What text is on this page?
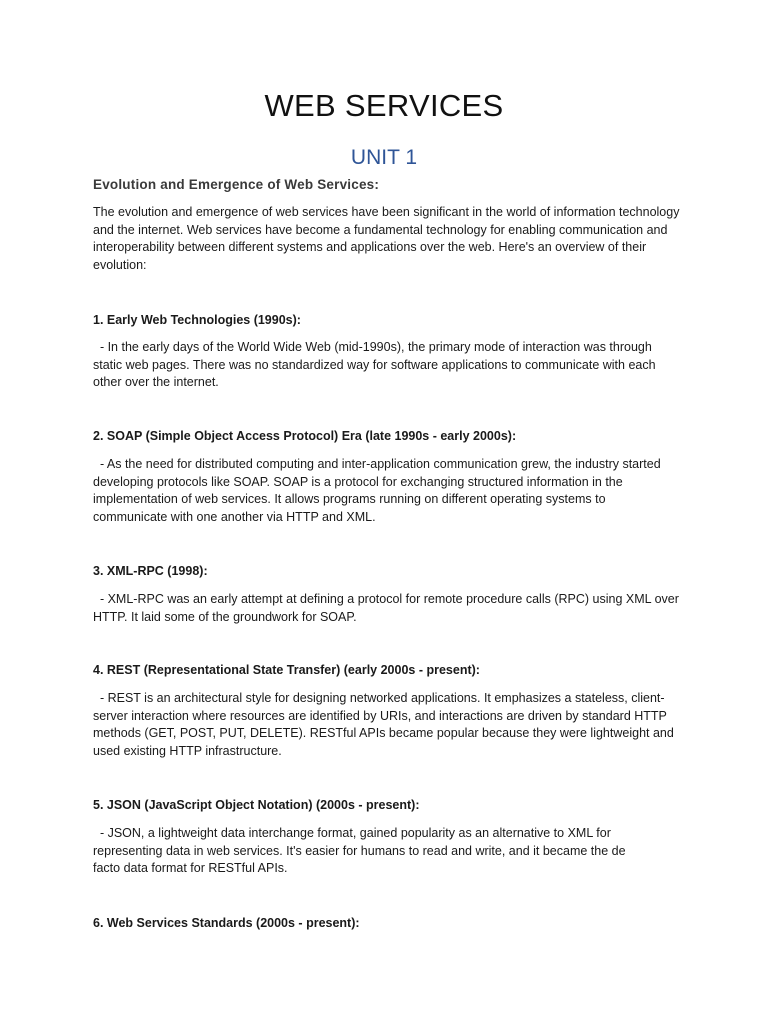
WEB SERVICES
UNIT 1
Evolution and Emergence of Web Services:
The evolution and emergence of web services have been significant in the world of information technology and the internet. Web services have become a fundamental technology for enabling communication and interoperability between different systems and applications over the web. Here's an overview of their evolution:
1. Early Web Technologies (1990s):
- In the early days of the World Wide Web (mid-1990s), the primary mode of interaction was through static web pages. There was no standardized way for software applications to communicate with each other over the internet.
2. SOAP (Simple Object Access Protocol) Era (late 1990s - early 2000s):
- As the need for distributed computing and inter-application communication grew, the industry started developing protocols like SOAP. SOAP is a protocol for exchanging structured information in the implementation of web services. It allows programs running on different operating systems to communicate with one another via HTTP and XML.
3. XML-RPC (1998):
- XML-RPC was an early attempt at defining a protocol for remote procedure calls (RPC) using XML over HTTP. It laid some of the groundwork for SOAP.
4. REST (Representational State Transfer) (early 2000s - present):
- REST is an architectural style for designing networked applications. It emphasizes a stateless, client-server interaction where resources are identified by URIs, and interactions are driven by standard HTTP methods (GET, POST, PUT, DELETE). RESTful APIs became popular because they were lightweight and used existing HTTP infrastructure.
5. JSON (JavaScript Object Notation) (2000s - present):
- JSON, a lightweight data interchange format, gained popularity as an alternative to XML for representing data in web services. It's easier for humans to read and write, and it became the de facto data format for RESTful APIs.
6. Web Services Standards (2000s - present):
